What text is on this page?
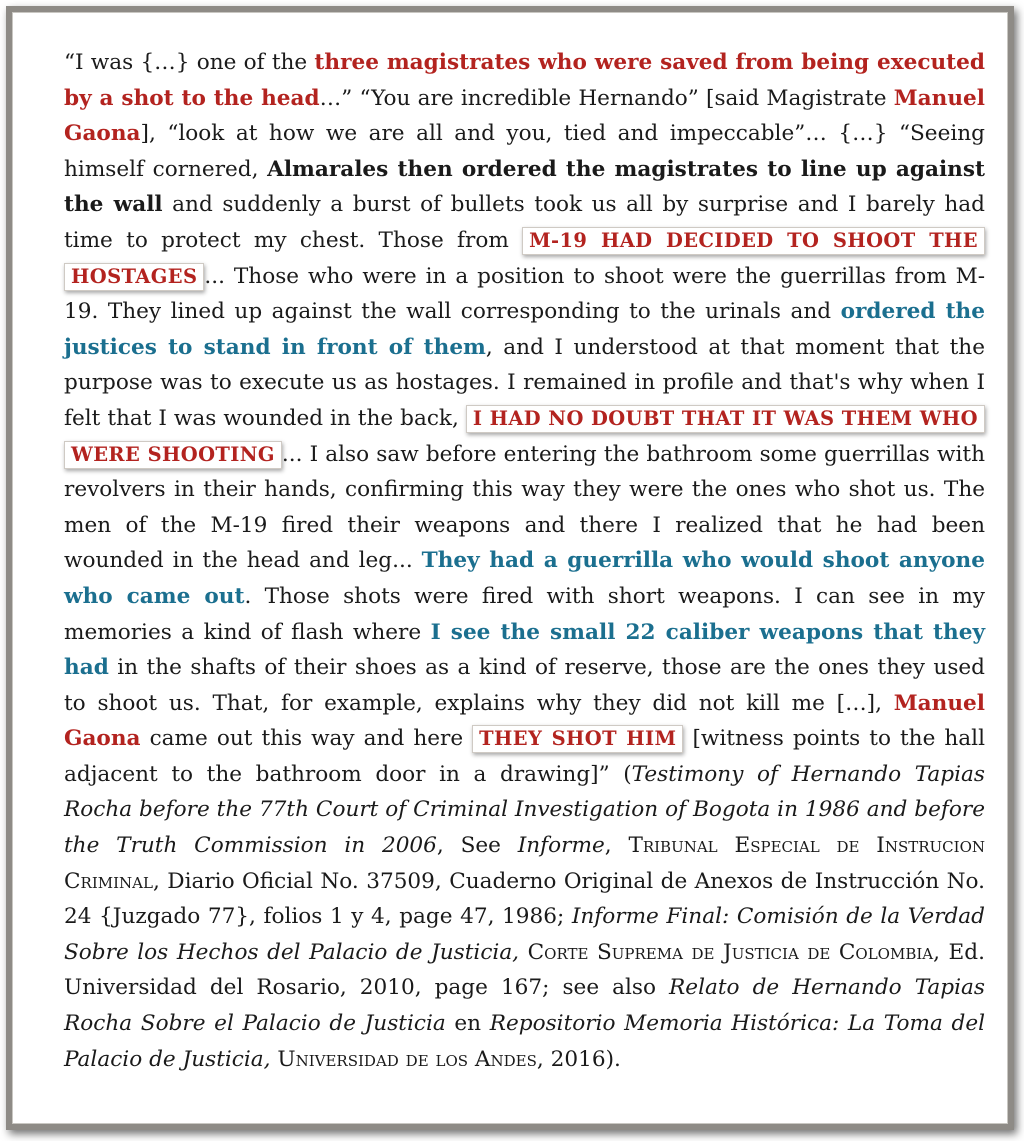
“I was {…} one of the three magistrates who were saved from being executed by a shot to the head…” “You are incredible Hernando” [said Magistrate Manuel Gaona], “look at how we are all and you, tied and impeccable”… {…} “Seeing himself cornered, Almarales then ordered the magistrates to line up against the wall and suddenly a burst of bullets took us all by surprise and I barely had time to protect my chest. Those from M-19 HAD DECIDED TO SHOOT THE HOSTAGES ... Those who were in a position to shoot were the guerrillas from M-19. They lined up against the wall corresponding to the urinals and ordered the justices to stand in front of them, and I understood at that moment that the purpose was to execute us as hostages. I remained in profile and that's why when I felt that I was wounded in the back, I HAD NO DOUBT THAT IT WAS THEM WHO WERE SHOOTING ... I also saw before entering the bathroom some guerrillas with revolvers in their hands, confirming this way they were the ones who shot us. The men of the M-19 fired their weapons and there I realized that he had been wounded in the head and leg... They had a guerrilla who would shoot anyone who came out. Those shots were fired with short weapons. I can see in my memories a kind of flash where I see the small 22 caliber weapons that they had in the shafts of their shoes as a kind of reserve, those are the ones they used to shoot us. That, for example, explains why they did not kill me […], Manuel Gaona came out this way and here THEY SHOT HIM [witness points to the hall adjacent to the bathroom door in a drawing]” (Testimony of Hernando Tapias Rocha before the 77th Court of Criminal Investigation of Bogota in 1986 and before the Truth Commission in 2006, See Informe, Tribunal Especial de Instrucion Criminal, Diario Oficial No. 37509, Cuaderno Original de Anexos de Instrucción No. 24 {Juzgado 77}, folios 1 y 4, page 47, 1986; Informe Final: Comisión de la Verdad Sobre los Hechos del Palacio de Justicia, Corte Suprema de Justicia de Colombia, Ed. Universidad del Rosario, 2010, page 167; see also Relato de Hernando Tapias Rocha Sobre el Palacio de Justicia en Repositorio Memoria Histórica: La Toma del Palacio de Justicia, Universidad de los Andes, 2016).
